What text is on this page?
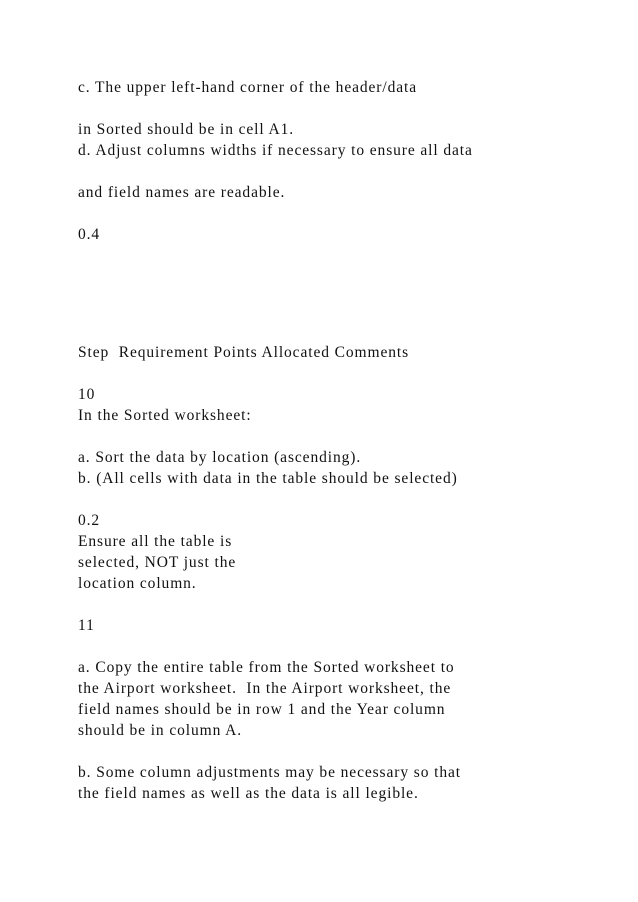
c. The upper left-hand corner of the header/data
in Sorted should be in cell A1.
d. Adjust columns widths if necessary to ensure all data
and field names are readable.
0.4
Step  Requirement Points Allocated Comments
10
In the Sorted worksheet:
a. Sort the data by location (ascending).
b. (All cells with data in the table should be selected)
0.2
Ensure all the table is
selected, NOT just the
location column.
11
a. Copy the entire table from the Sorted worksheet to
the Airport worksheet.  In the Airport worksheet, the
field names should be in row 1 and the Year column
should be in column A.
b. Some column adjustments may be necessary so that
the field names as well as the data is all legible.
